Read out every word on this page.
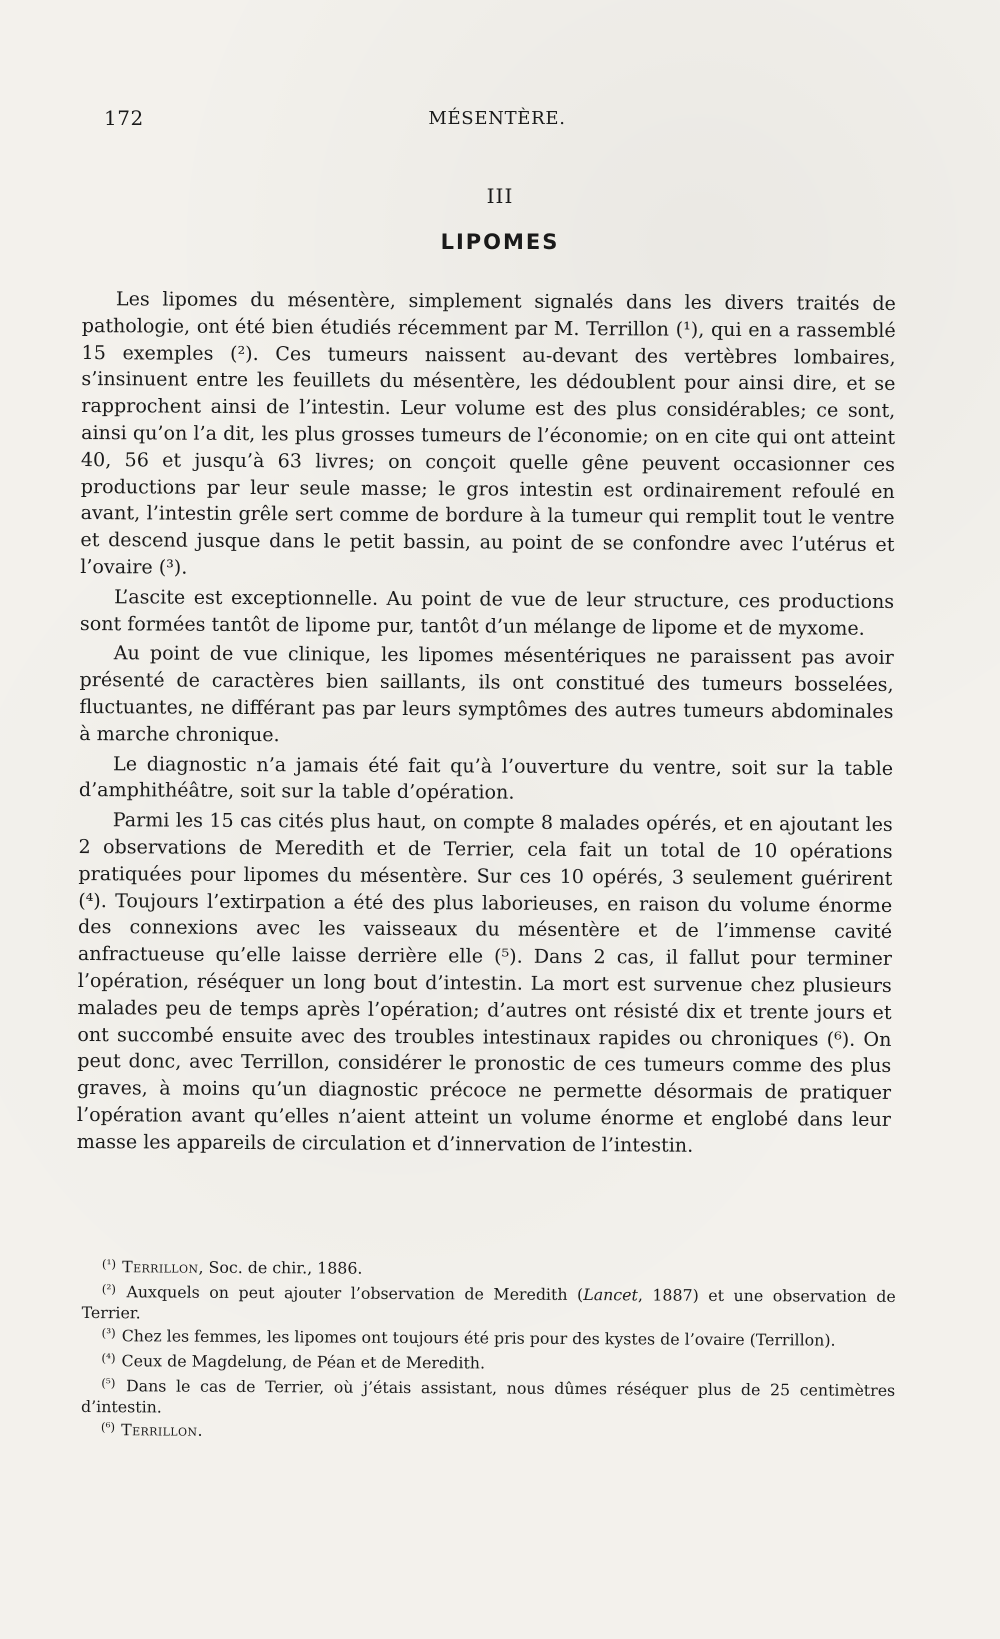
172	MÉSENTÈRE.
III
LIPOMES

Les lipomes du mésentère, simplement signalés dans les divers traités de pathologie, ont été bien étudiés récemment par M. Terrillon (¹), qui en a rassemblé 15 exemples (²). Ces tumeurs naissent au-devant des vertèbres lombaires, s’insinuent entre les feuillets du mésentère, les dédoublent pour ainsi dire, et se rapprochent ainsi de l’intestin. Leur volume est des plus considérables; ce sont, ainsi qu’on l’a dit, les plus grosses tumeurs de l’économie; on en cite qui ont atteint 40, 56 et jusqu’à 63 livres; on conçoit quelle gêne peuvent occasionner ces productions par leur seule masse; le gros intestin est ordinairement refoulé en avant, l’intestin grêle sert comme de bordure à la tumeur qui remplit tout le ventre et descend jusque dans le petit bassin, au point de se confondre avec l’utérus et l’ovaire (³).

L’ascite est exceptionnelle. Au point de vue de leur structure, ces productions sont formées tantôt de lipome pur, tantôt d’un mélange de lipome et de myxome.

Au point de vue clinique, les lipomes mésentériques ne paraissent pas avoir présenté de caractères bien saillants, ils ont constitué des tumeurs bosselées, fluctuantes, ne différant pas par leurs symptômes des autres tumeurs abdominales à marche chronique.

Le diagnostic n’a jamais été fait qu’à l’ouverture du ventre, soit sur la table d’amphithéâtre, soit sur la table d’opération.

Parmi les 15 cas cités plus haut, on compte 8 malades opérés, et en ajoutant les 2 observations de Meredith et de Terrier, cela fait un total de 10 opérations pratiquées pour lipomes du mésentère. Sur ces 10 opérés, 3 seulement guérirent (⁴). Toujours l’extirpation a été des plus laborieuses, en raison du volume énorme des connexions avec les vaisseaux du mésentère et de l’immense cavité anfractueuse qu’elle laisse derrière elle (⁵). Dans 2 cas, il fallut pour terminer l’opération, réséquer un long bout d’intestin. La mort est survenue chez plusieurs malades peu de temps après l’opération; d’autres ont résisté dix et trente jours et ont succombé ensuite avec des troubles intestinaux rapides ou chroniques (⁶). On peut donc, avec Terrillon, considérer le pronostic de ces tumeurs comme des plus graves, à moins qu’un diagnostic précoce ne permette désormais de pratiquer l’opération avant qu’elles n’aient atteint un volume énorme et englobé dans leur masse les appareils de circulation et d’innervation de l’intestin.

$^{(^1)}$ Terrillon, Soc. de chir., 1886.

$^{(^2)}$ Auxquels on peut ajouter l’observation de Meredith (Lancet, 1887) et une observation de Terrier.

$^{(^3)}$ Chez les femmes, les lipomes ont toujours été pris pour des kystes de l’ovaire (Terrillon).

$^{(^4)}$ Ceux de Magdelung, de Péan et de Meredith.

$^{(^5)}$ Dans le cas de Terrier, où j’étais assistant, nous dûmes réséquer plus de 25 centimètres d’intestin.

$^{(^6)}$ Terrillon.
